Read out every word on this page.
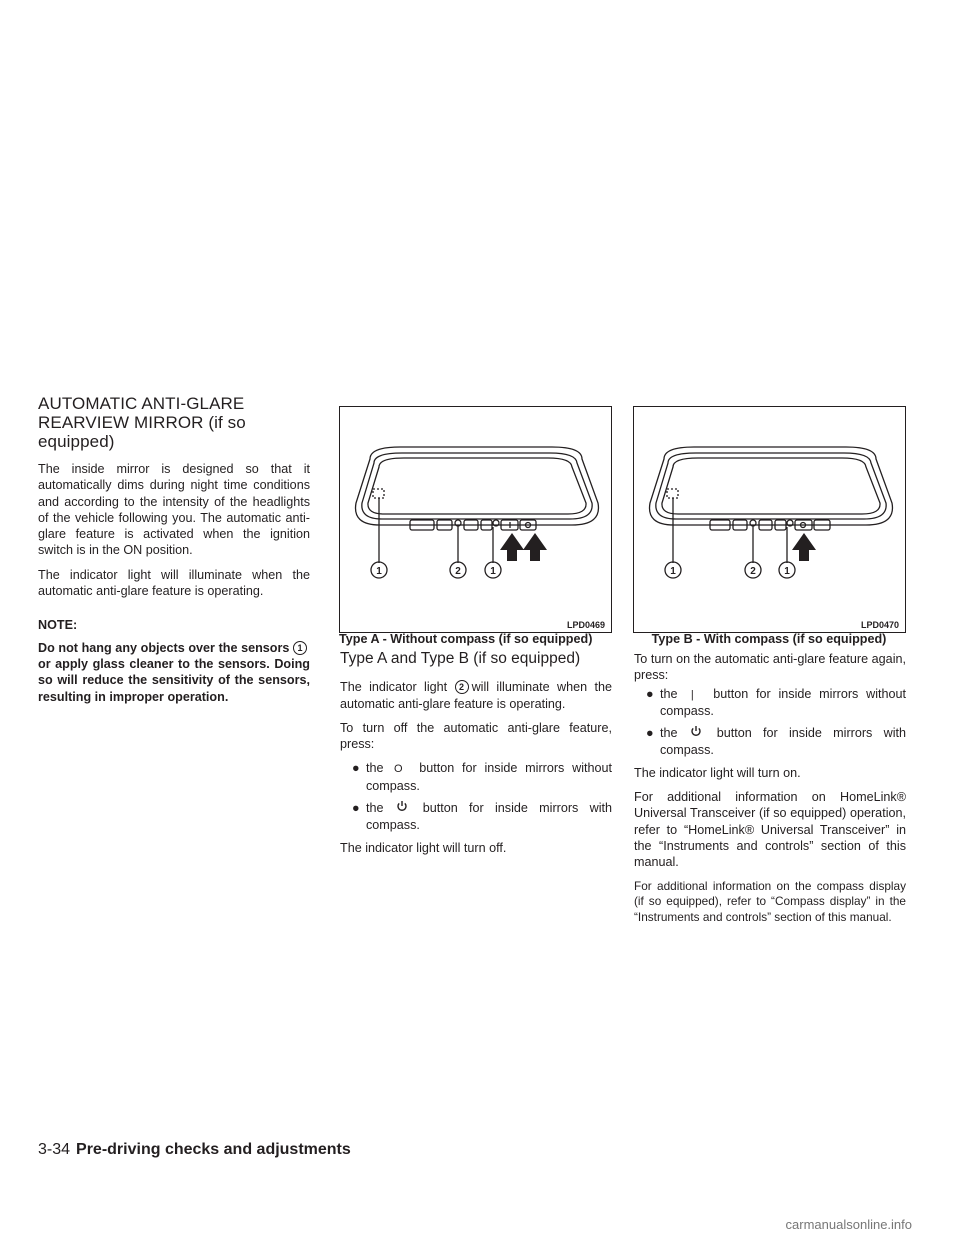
AUTOMATIC ANTI-GLARE
REARVIEW MIRROR (if so equipped)

The inside mirror is designed so that it automatically dims during night time conditions and according to the intensity of the headlights of the vehicle following you. The automatic anti-glare feature is activated when the ignition switch is in the ON position.

The indicator light will illuminate when the automatic anti-glare feature is operating.

NOTE:

Do not hang any objects over the sensors 1or apply glass cleaner to the sensors. Doing so will reduce the sensitivity of the sensors, resulting in improper operation.

1	2	1
LPD0469
Type A - Without compass (if so equipped)
1	2	1
LPD0470
Type B - With compass (if so equipped)
Type A and Type B (if so equipped)

The indicator light 2 will illuminate when the automatic anti-glare feature is operating.

To turn off the automatic anti-glare feature, press:

● the O button for inside mirrors without compass.
● the	button for inside mirrors with compass.

The indicator light will turn off.

To turn on the automatic anti-glare feature again, press:

● the | button for inside mirrors without compass.
● the	button for inside mirrors with compass.

The indicator light will turn on.

For additional information on HomeLink® Universal Transceiver (if so equipped) operation, refer to “HomeLink® Universal Transceiver” in the “Instruments and controls” section of this manual.

For additional information on the compass display (if so equipped), refer to “Compass display” in the “Instruments and controls” section of this manual.

3-34 Pre-driving checks and adjustments
carmanualsonline.info
